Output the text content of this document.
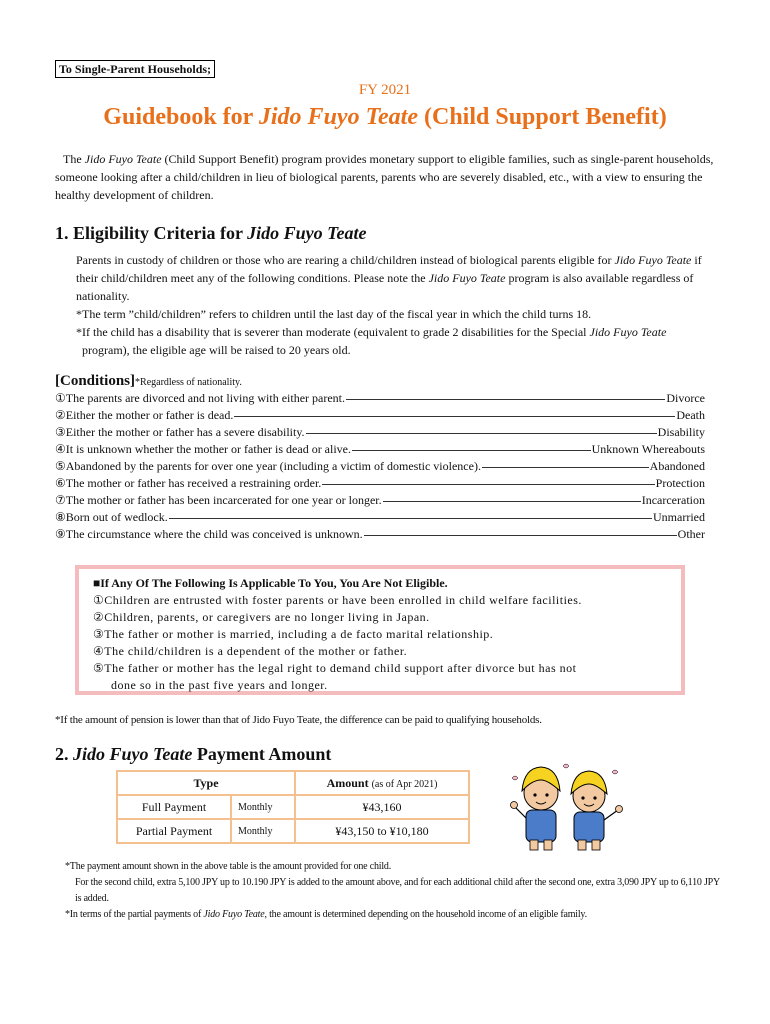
To Single-Parent Households;
FY 2021
Guidebook for Jido Fuyo Teate (Child Support Benefit)
The Jido Fuyo Teate (Child Support Benefit) program provides monetary support to eligible families, such as single-parent households, someone looking after a child/children in lieu of biological parents, parents who are severely disabled, etc., with a view to ensuring the healthy development of children.
1. Eligibility Criteria for Jido Fuyo Teate

Parents in custody of children or those who are rearing a child/children instead of biological parents eligible for Jido Fuyo Teate if their child/children meet any of the following conditions. Please note the Jido Fuyo Teate program is also available regardless of nationality.

*The term ”child/children” refers to children until the last day of the fiscal year in which the child turns 18.

*If the child has a disability that is severer than moderate (equivalent to grade 2 disabilities for the Special Jido Fuyo Teate program), the eligible age will be raised to 20 years old.

[Conditions]*Regardless of nationality.
①The parents are divorced and not living with either parent.	Divorce
②Either the mother or father is dead.	Death
③Either the mother or father has a severe disability.	Disability
④It is unknown whether the mother or father is dead or alive.	Unknown Whereabouts
⑤Abandoned by the parents for over one year (including a victim of domestic violence).	Abandoned
⑥The mother or father has received a restraining order.	Protection
⑦The mother or father has been incarcerated for one year or longer.	Incarceration
⑧Born out of wedlock.	Unmarried
⑨The circumstance where the child was conceived is unknown.	Other
■If Any Of The Following Is Applicable To You, You Are Not Eligible.
①Children are entrusted with foster parents or have been enrolled in child welfare facilities.
②Children, parents, or caregivers are no longer living in Japan.
③The father or mother is married, including a de facto marital relationship.
④The child/children is a dependent of the mother or father.
⑤The father or mother has the legal right to demand child support after divorce but has not
done so in the past five years and longer.
*If the amount of pension is lower than that of Jido Fuyo Teate, the difference can be paid to qualifying households.
2. Jido Fuyo Teate Payment Amount
Type		Amount (as of Apr 2021)
Full Payment	Monthly	¥43,160
Partial Payment	Monthly	¥43,150 to ¥10,180

*The payment amount shown in the above table is the amount provided for one child.

For the second child, extra 5,100 JPY up to 10.190 JPY is added to the amount above, and for each additional child after the second one, extra 3,090 JPY up to 6,110 JPY is added.

*In terms of the partial payments of Jido Fuyo Teate, the amount is determined depending on the household income of an eligible family.
